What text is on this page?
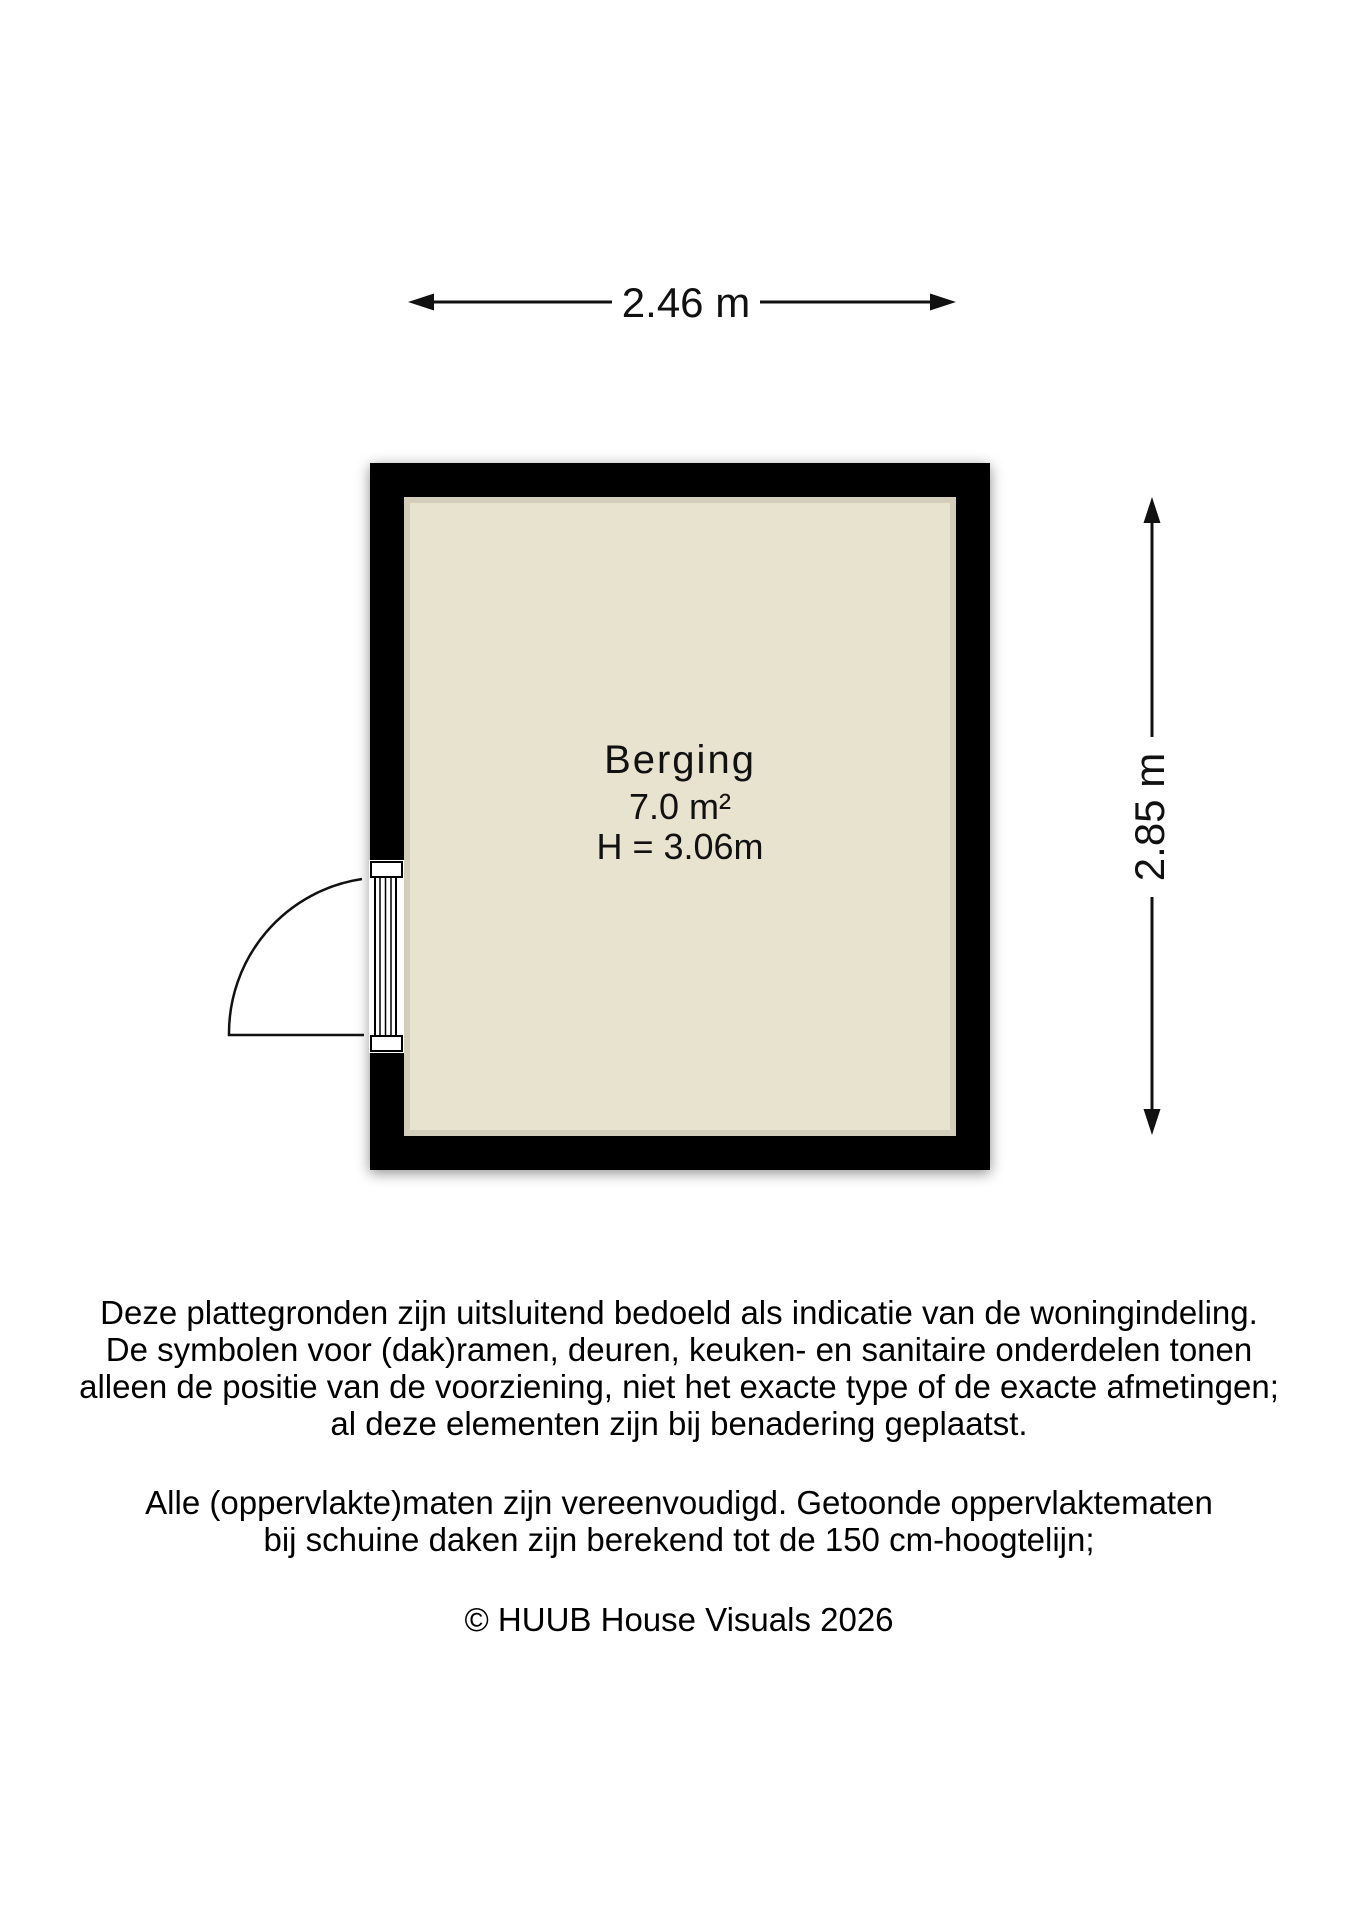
2.46 m
Berging
7.0 m²
H = 3.06m	2.85 m
Deze plattegronden zijn uitsluitend bedoeld als indicatie van de woningindeling.
De symbolen voor (dak)ramen, deuren, keuken- en sanitaire onderdelen tonen
alleen de positie van de voorziening, niet het exacte type of de exacte afmetingen;
al deze elementen zijn bij benadering geplaatst.
Alle (oppervlakte)maten zijn vereenvoudigd. Getoonde oppervlaktematen
bij schuine daken zijn berekend tot de 150 cm-hoogtelijn;
© HUUB House Visuals 2026
